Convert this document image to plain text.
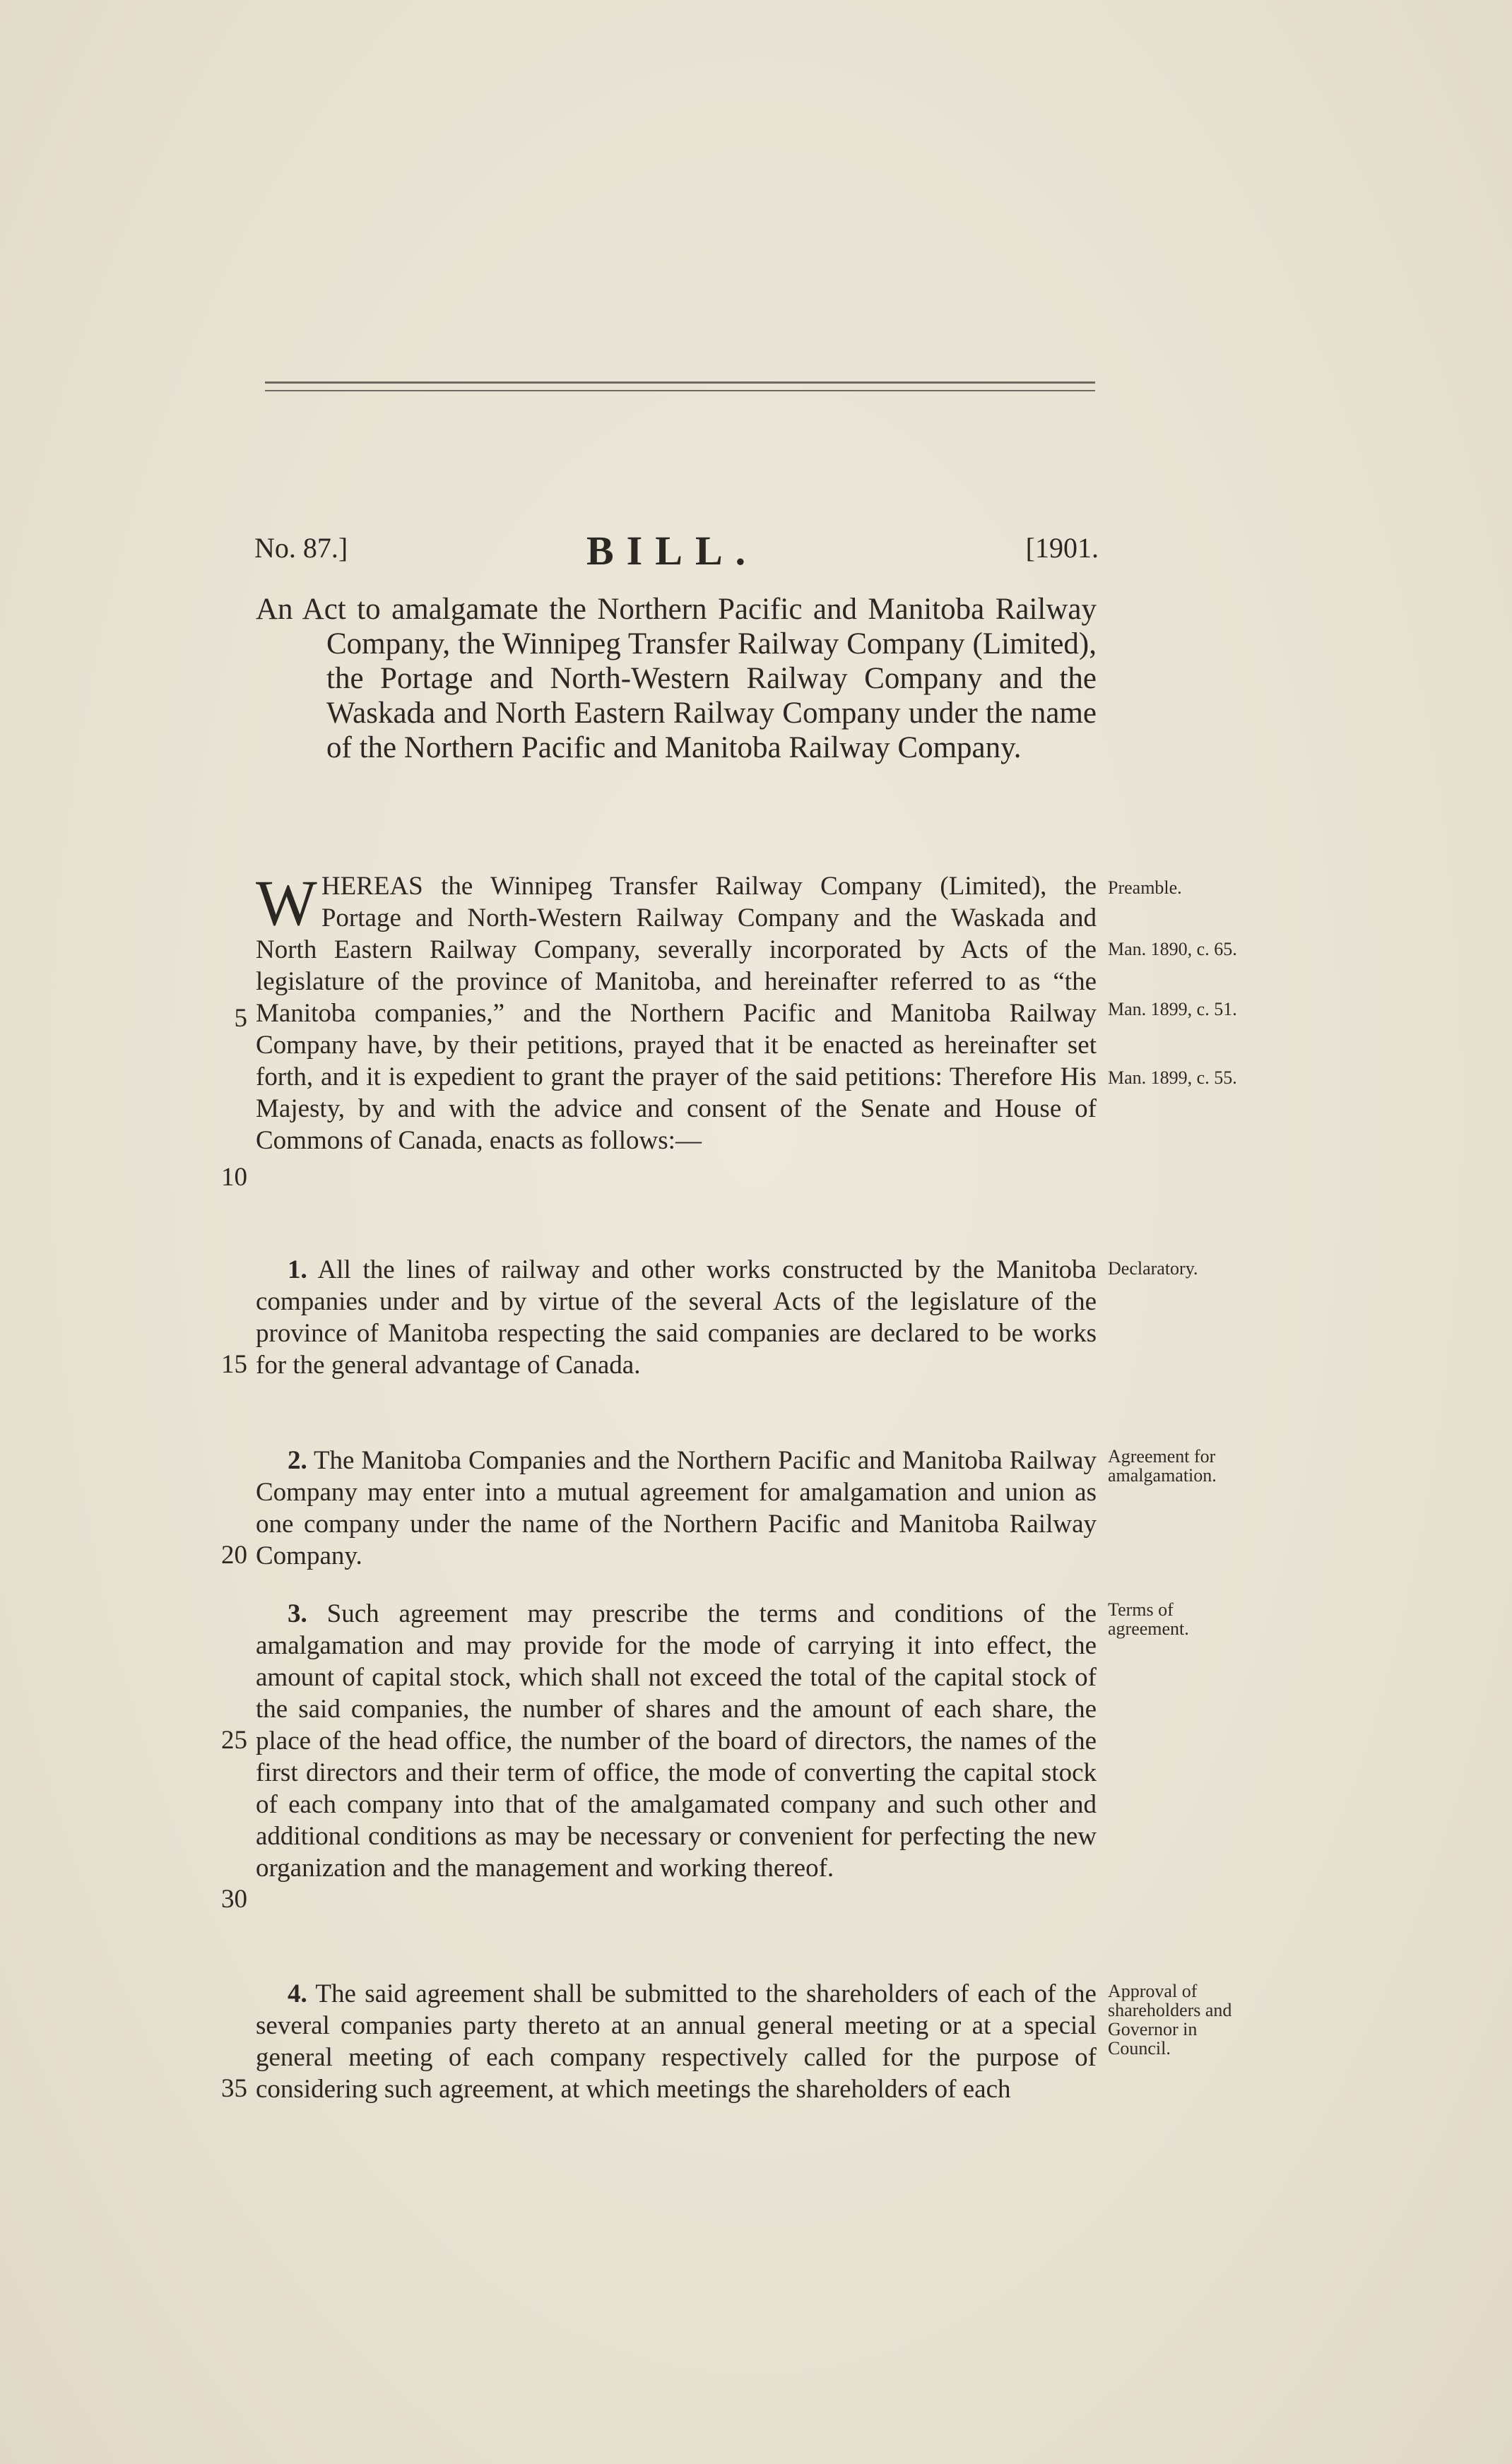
No. 87.]	BILL.	[1901.
An Act to amalgamate the Northern Pacific and Manitoba Railway Company, the Winnipeg Transfer Railway Company (Limited), the Portage and North-Western Railway Company and the Waskada and North Eastern Railway Company under the name of the Northern Pacific and Manitoba Railway Company.

WHEREAS the Winnipeg Transfer Railway Company (Limited), the Portage and North-Western Railway Company and the Waskada and North Eastern Railway Company, severally incorporated by Acts of the legislature of the province of Manitoba, and hereinafter referred to as “the Manitoba companies,” and the Northern Pacific and Manitoba Railway Company have, by their petitions, prayed that it be enacted as hereinafter set forth, and it is expedient to grant the prayer of the said petitions: Therefore His Majesty, by and with the advice and consent of the Senate and House of Commons of Canada, enacts as follows:—

1. All the lines of railway and other works constructed by the Manitoba companies under and by virtue of the several Acts of the legislature of the province of Manitoba respecting the said companies are declared to be works for the general advantage of Canada.

2. The Manitoba Companies and the Northern Pacific and Manitoba Railway Company may enter into a mutual agreement for amalgamation and union as one company under the name of the Northern Pacific and Manitoba Railway Company.

3. Such agreement may prescribe the terms and conditions of the amalgamation and may provide for the mode of carrying it into effect, the amount of capital stock, which shall not exceed the total of the capital stock of the said companies, the number of shares and the amount of each share, the place of the head office, the number of the board of directors, the names of the first directors and their term of office, the mode of converting the capital stock of each company into that of the amalgamated company and such other and additional conditions as may be necessary or convenient for perfecting the new organization and the management and working thereof.

4. The said agreement shall be submitted to the shareholders of each of the several companies party thereto at an annual general meeting or at a special general meeting of each company respectively called for the purpose of considering such agreement, at which meetings the shareholders of each

5
10
15
20
25
30
35
Preamble.
Man. 1890, c. 65.
Man. 1899, c. 51.
Man. 1899, c. 55.
Declaratory.
Agreement for amalgamation.
Terms of agreement.
Approval of shareholders and Governor in Council.
